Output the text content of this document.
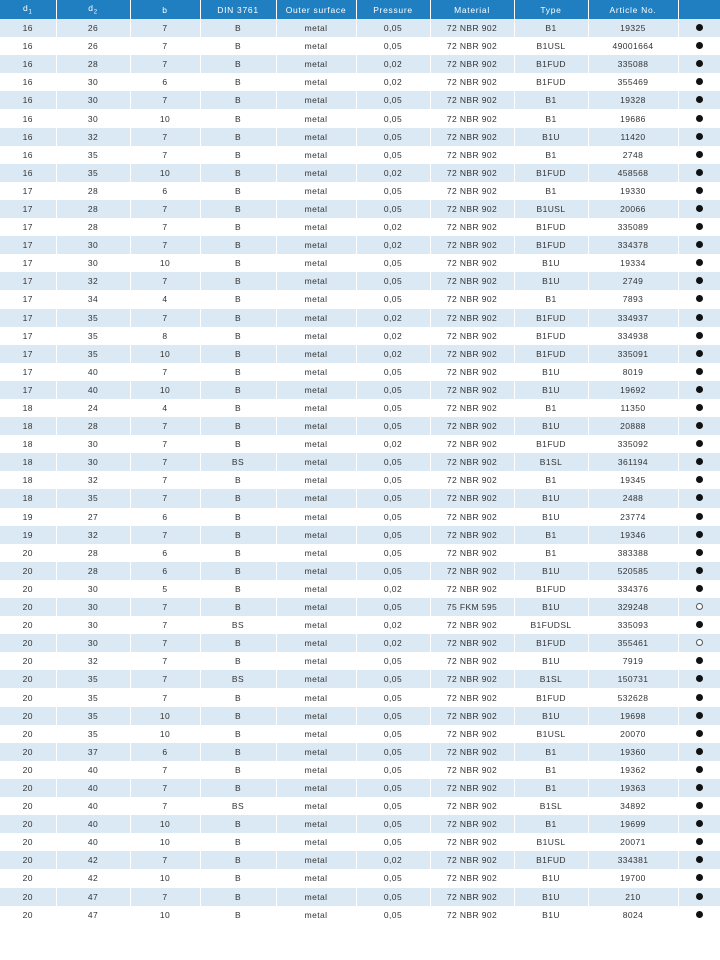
$d_1$	$d_2$	b	DIN 3761	Outer surface	Pressure	Material	Type	Article No.	
16	26	7	B	metal	0,05	72 NBR 902	B1	19325	
16	26	7	B	metal	0,05	72 NBR 902	B1USL	49001664	
16	28	7	B	metal	0,02	72 NBR 902	B1FUD	335088	
16	30	6	B	metal	0,02	72 NBR 902	B1FUD	355469	
16	30	7	B	metal	0,05	72 NBR 902	B1	19328	
16	30	10	B	metal	0,05	72 NBR 902	B1	19686	
16	32	7	B	metal	0,05	72 NBR 902	B1U	11420	
16	35	7	B	metal	0,05	72 NBR 902	B1	2748	
16	35	10	B	metal	0,02	72 NBR 902	B1FUD	458568	
17	28	6	B	metal	0,05	72 NBR 902	B1	19330	
17	28	7	B	metal	0,05	72 NBR 902	B1USL	20066	
17	28	7	B	metal	0,02	72 NBR 902	B1FUD	335089	
17	30	7	B	metal	0,02	72 NBR 902	B1FUD	334378	
17	30	10	B	metal	0,05	72 NBR 902	B1U	19334	
17	32	7	B	metal	0,05	72 NBR 902	B1U	2749	
17	34	4	B	metal	0,05	72 NBR 902	B1	7893	
17	35	7	B	metal	0,02	72 NBR 902	B1FUD	334937	
17	35	8	B	metal	0,02	72 NBR 902	B1FUD	334938	
17	35	10	B	metal	0,02	72 NBR 902	B1FUD	335091	
17	40	7	B	metal	0,05	72 NBR 902	B1U	8019	
17	40	10	B	metal	0,05	72 NBR 902	B1U	19692	
18	24	4	B	metal	0,05	72 NBR 902	B1	11350	
18	28	7	B	metal	0,05	72 NBR 902	B1U	20888	
18	30	7	B	metal	0,02	72 NBR 902	B1FUD	335092	
18	30	7	BS	metal	0,05	72 NBR 902	B1SL	361194	
18	32	7	B	metal	0,05	72 NBR 902	B1	19345	
18	35	7	B	metal	0,05	72 NBR 902	B1U	2488	
19	27	6	B	metal	0,05	72 NBR 902	B1U	23774	
19	32	7	B	metal	0,05	72 NBR 902	B1	19346	
20	28	6	B	metal	0,05	72 NBR 902	B1	383388	
20	28	6	B	metal	0,05	72 NBR 902	B1U	520585	
20	30	5	B	metal	0,02	72 NBR 902	B1FUD	334376	
20	30	7	B	metal	0,05	75 FKM 595	B1U	329248	
20	30	7	BS	metal	0,02	72 NBR 902	B1FUDSL	335093	
20	30	7	B	metal	0,02	72 NBR 902	B1FUD	355461	
20	32	7	B	metal	0,05	72 NBR 902	B1U	7919	
20	35	7	BS	metal	0,05	72 NBR 902	B1SL	150731	
20	35	7	B	metal	0,05	72 NBR 902	B1FUD	532628	
20	35	10	B	metal	0,05	72 NBR 902	B1U	19698	
20	35	10	B	metal	0,05	72 NBR 902	B1USL	20070	
20	37	6	B	metal	0,05	72 NBR 902	B1	19360	
20	40	7	B	metal	0,05	72 NBR 902	B1	19362	
20	40	7	B	metal	0,05	72 NBR 902	B1	19363	
20	40	7	BS	metal	0,05	72 NBR 902	B1SL	34892	
20	40	10	B	metal	0,05	72 NBR 902	B1	19699	
20	40	10	B	metal	0,05	72 NBR 902	B1USL	20071	
20	42	7	B	metal	0,02	72 NBR 902	B1FUD	334381	
20	42	10	B	metal	0,05	72 NBR 902	B1U	19700	
20	47	7	B	metal	0,05	72 NBR 902	B1U	210	
20	47	10	B	metal	0,05	72 NBR 902	B1U	8024	
